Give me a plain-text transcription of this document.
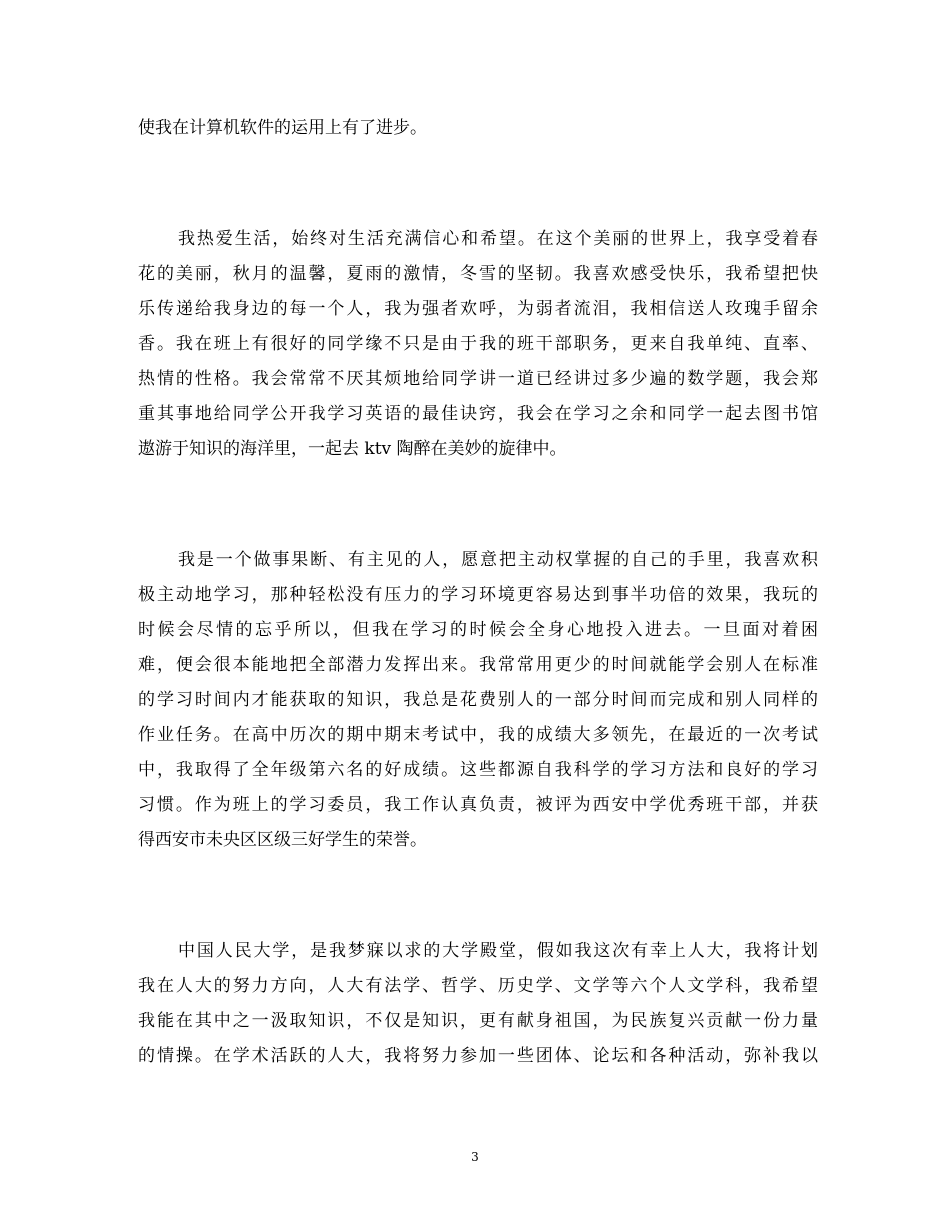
使我在计算机软件的运用上有了进步。
我热爱生活，始终对生活充满信心和希望。在这个美丽的世界上，我享受着春
花的美丽，秋月的温馨，夏雨的激情，冬雪的坚韧。我喜欢感受快乐，我希望把快
乐传递给我身边的每一个人，我为强者欢呼，为弱者流泪，我相信送人玫瑰手留余
香。我在班上有很好的同学缘不只是由于我的班干部职务，更来自我单纯、直率、
热情的性格。我会常常不厌其烦地给同学讲一道已经讲过多少遍的数学题，我会郑
重其事地给同学公开我学习英语的最佳诀窍，我会在学习之余和同学一起去图书馆
遨游于知识的海洋里，一起去 ktv 陶醉在美妙的旋律中。
我是一个做事果断、有主见的人，愿意把主动权掌握的自己的手里，我喜欢积
极主动地学习，那种轻松没有压力的学习环境更容易达到事半功倍的效果，我玩的
时候会尽情的忘乎所以，但我在学习的时候会全身心地投入进去。一旦面对着困
难，便会很本能地把全部潜力发挥出来。我常常用更少的时间就能学会别人在标准
的学习时间内才能获取的知识，我总是花费别人的一部分时间而完成和别人同样的
作业任务。在高中历次的期中期末考试中，我的成绩大多领先，在最近的一次考试
中，我取得了全年级第六名的好成绩。这些都源自我科学的学习方法和良好的学习
习惯。作为班上的学习委员，我工作认真负责，被评为西安中学优秀班干部，并获
得西安市未央区区级三好学生的荣誉。
中国人民大学，是我梦寐以求的大学殿堂，假如我这次有幸上人大，我将计划
我在人大的努力方向，人大有法学、哲学、历史学、文学等六个人文学科，我希望
我能在其中之一汲取知识，不仅是知识，更有献身祖国，为民族复兴贡献一份力量
的情操。在学术活跃的人大，我将努力参加一些团体、论坛和各种活动，弥补我以
3
